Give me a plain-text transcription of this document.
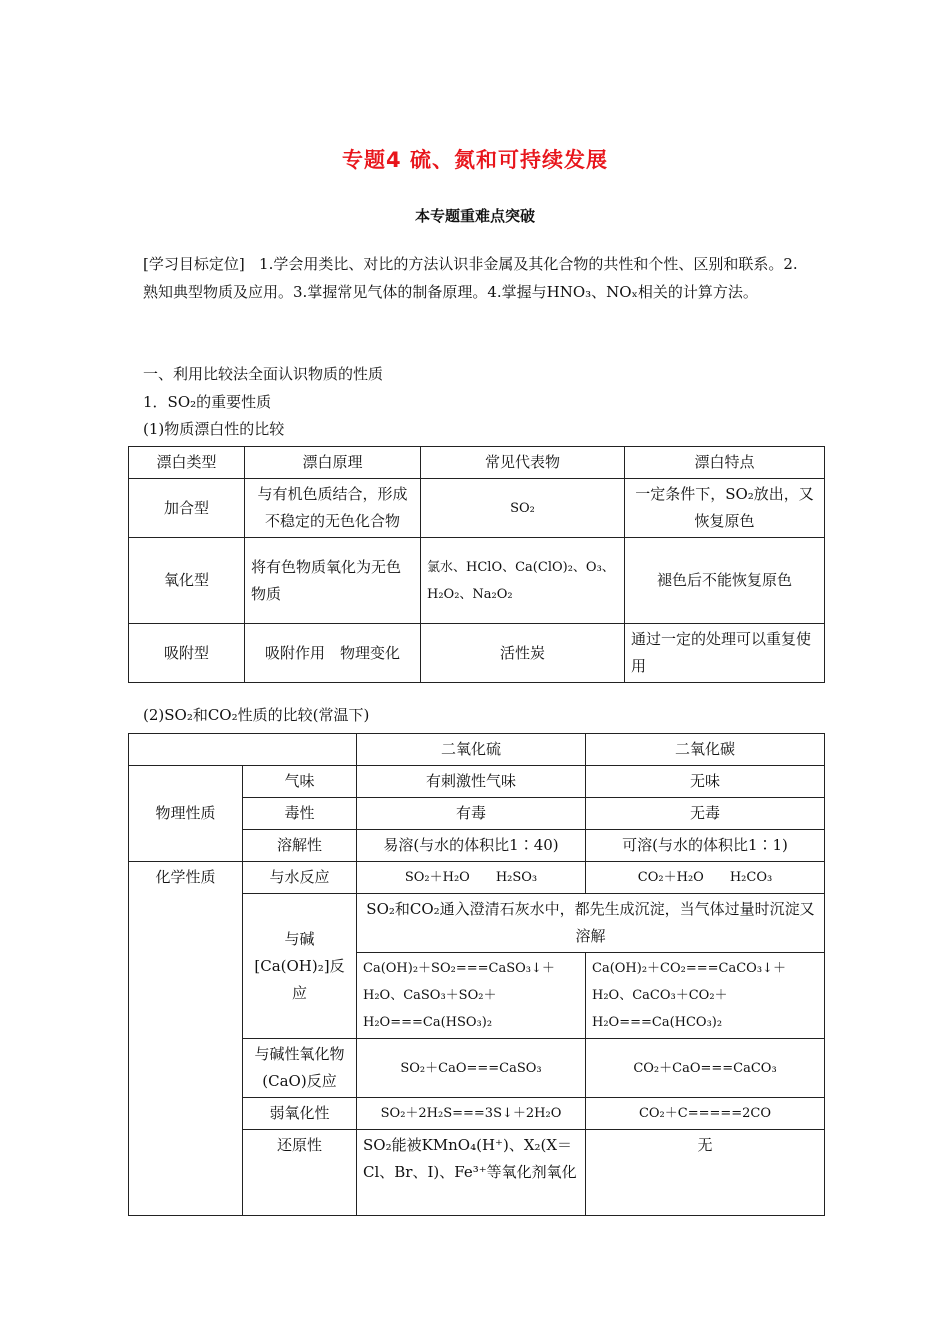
专题4 硫、氮和可持续发展
本专题重难点突破
[学习目标定位] 1.学会用类比、对比的方法认识非金属及其化合物的共性和个性、区别和联系。2.熟知典型物质及应用。3.掌握常见气体的制备原理。4.掌握与HNO₃、NOₓ相关的计算方法。
一、利用比较法全面认识物质的性质
1．SO₂的重要性质
(1)物质漂白性的比较
漂白类型	漂白原理	常见代表物	漂白特点
加合型	与有机色质结合，形成不稳定的无色化合物	SO₂	一定条件下，SO₂放出，又恢复原色
氧化型	将有色物质氧化为无色物质	氯水、HClO、Ca(ClO)₂、O₃、H₂O₂、Na₂O₂	褪色后不能恢复原色
吸附型	吸附作用　物理变化	活性炭	通过一定的处理可以重复使用
(2)SO₂和CO₂性质的比较(常温下)
		二氧化硫	二氧化碳
物理性质	气味	有刺激性气味	无味
	毒性	有毒	无毒
	溶解性	易溶(与水的体积比1∶40)	可溶(与水的体积比1∶1)
化学性质	与水反应	SO₂＋H₂O　　H₂SO₃	CO₂＋H₂O　　H₂CO₃
	与碱[Ca(OH)₂]反应	SO₂和CO₂通入澄清石灰水中，都先生成沉淀，当气体过量时沉淀又溶解	
		Ca(OH)₂＋SO₂===CaSO₃↓＋H₂O、CaSO₃＋SO₂＋H₂O===Ca(HSO₃)₂	Ca(OH)₂＋CO₂===CaCO₃↓＋H₂O、CaCO₃＋CO₂＋H₂O===Ca(HCO₃)₂
	与碱性氧化物(CaO)反应	SO₂＋CaO===CaSO₃	CO₂＋CaO===CaCO₃
	弱氧化性	SO₂＋2H₂S===3S↓＋2H₂O	CO₂＋C=====2CO
	还原性	SO₂能被KMnO₄(H⁺)、X₂(X＝Cl、Br、I)、Fe³⁺等氧化剂氧化	无
